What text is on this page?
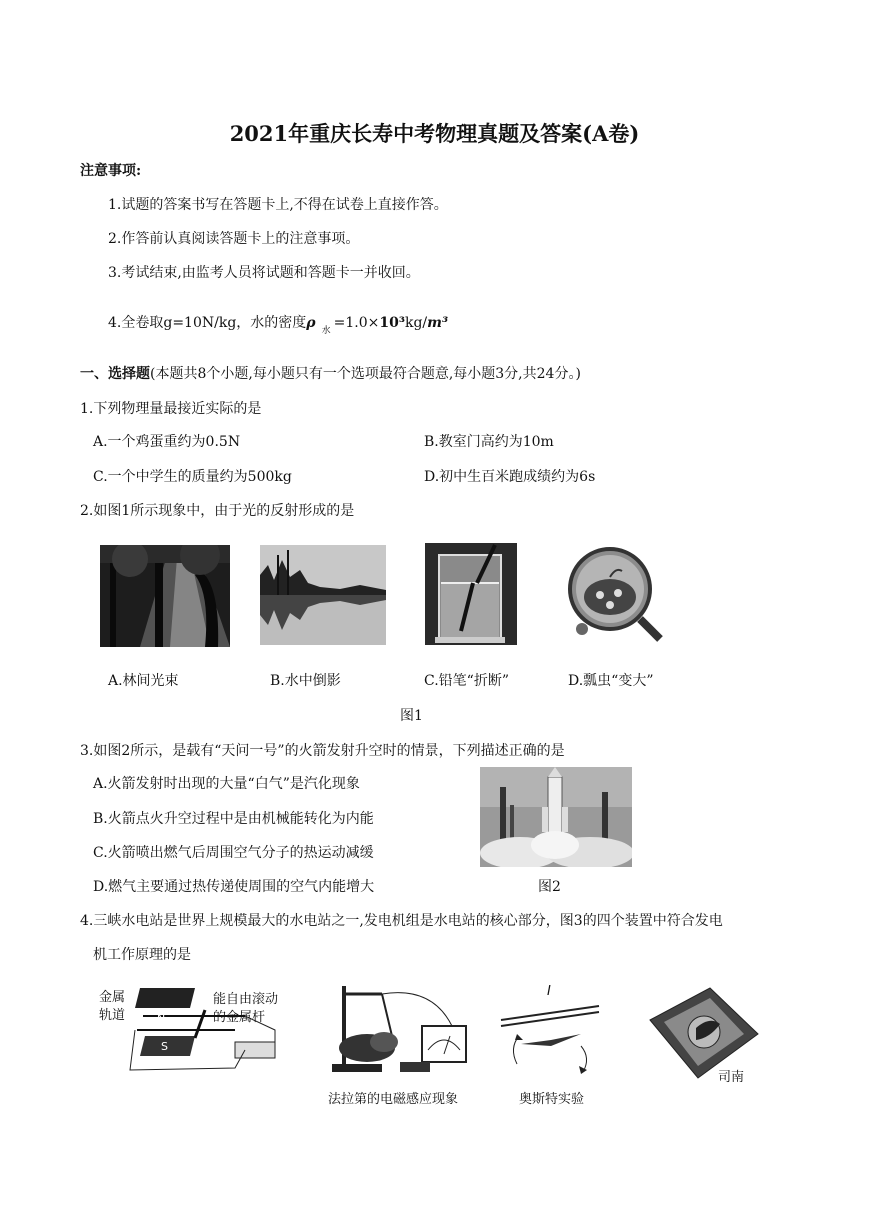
2021年重庆长寿中考物理真题及答案(A卷)
注意事项:
1.试题的答案书写在答题卡上,不得在试卷上直接作答。
2.作答前认真阅读答题卡上的注意事项。
3.考试结束,由监考人员将试题和答题卡一并收回。
4.全卷取g=10N/kg，水的密度ρ $_水$ =1.0×10³kg/m³
一、选择题(本题共8个小题,每小题只有一个选项最符合题意,每小题3分,共24分。)
1.下列物理量最接近实际的是
A.一个鸡蛋重约为0.5N	B.教室门高约为10m
C.一个中学生的质量约为500kg	D.初中生百米跑成绩约为6s
2.如图1所示现象中，由于光的反射形成的是
A.林间光束	B.水中倒影	C.铅笔“折断”	D.瓢虫“变大”
图1
3.如图2所示，是载有“天问一号”的火箭发射升空时的情景，下列描述正确的是
A.火箭发射时出现的大量“白气”是汽化现象
B.火箭点火升空过程中是由机械能转化为内能
C.火箭喷出燃气后周围空气分子的热运动减缓
D.燃气主要通过热传递使周围的空气内能增大	图2
4.三峡水电站是世界上规模最大的水电站之一,发电机组是水电站的核心部分，图3的四个装置中符合发电
机工作原理的是
金属
轨道
能自由滚动
的金属杆
N
S
法拉第的电磁感应现象
I
奥斯特实验
司南
